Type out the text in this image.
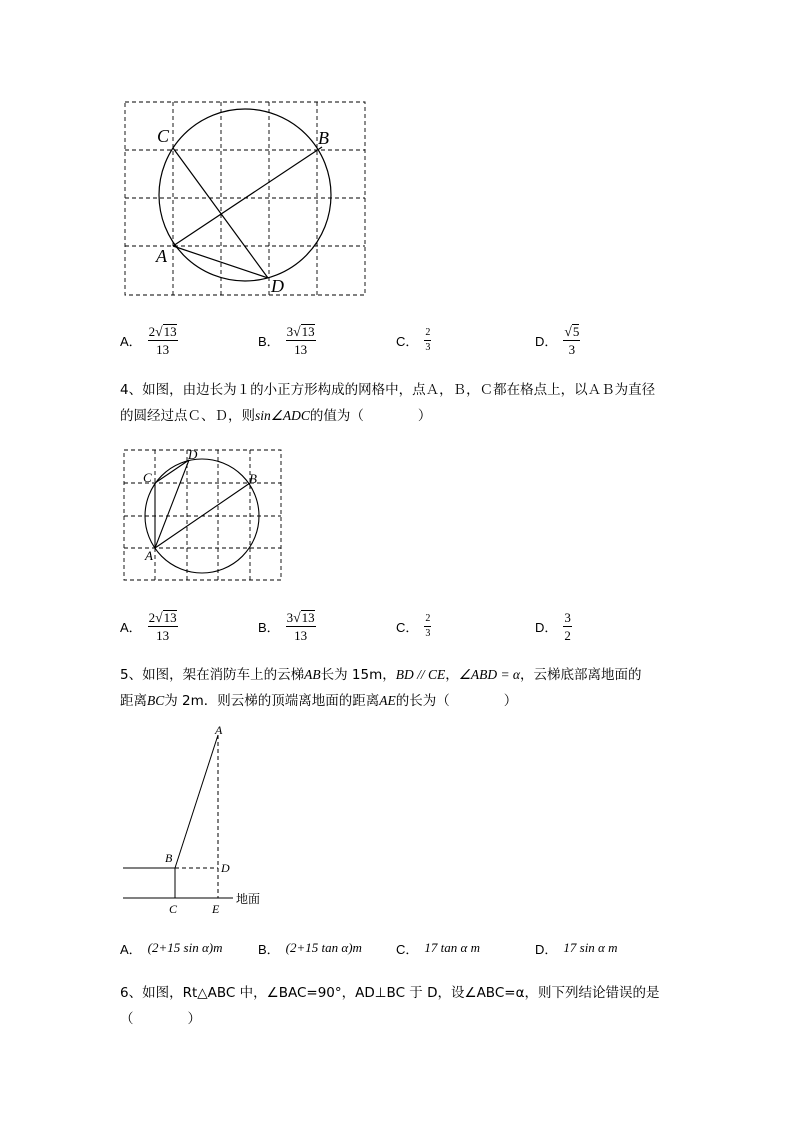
C	B
A
D
A． $\frac{2 √ 13}{13}$	B． $\frac{3 √ 13}{13}$	C． $\frac{2}{3}$	D． $\frac{√ 5}{3}$
4、如图，由边长为１的小正方形构成的网格中，点Ａ，Ｂ，Ｃ都在格点上，以ＡＢ为直径
的圆经过点Ｃ、Ｄ，则sin∠ADC的值为（　　　　）
C
D
B
A
A． $\frac{2 √ 13}{13}$	B． $\frac{3 √ 13}{13}$	C． $\frac{2}{3}$	D． $\frac{3}{2}$
5、如图，架在消防车上的云梯AB长为 15m，BD // CE，∠ABD = α，云梯底部离地面的
距离BC为 2m．则云梯的顶端离地面的距离AE的长为（　　　　）
A
B
D
C	E
地面
A． (2+15 sin α)m	B． (2+15 tan α)m	C． 17 tan α m	D． 17 sin α m
6、如图，Rt△ABC 中，∠BAC=90°，AD⊥BC 于 D，设∠ABC=α，则下列结论错误的是
（　　　　）
